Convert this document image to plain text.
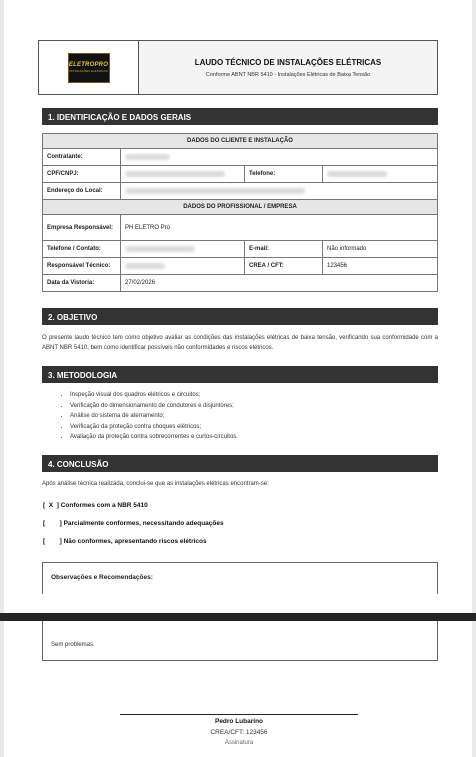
ELETROPRO
INSTALAÇÕES ELÉTRICAS
LAUDO TÉCNICO DE INSTALAÇÕES ELÉTRICAS
Conforme ABNT NBR 5410 - Instalações Elétricas de Baixa Tensão
1. IDENTIFICAÇÃO E DADOS GERAIS
DADOS DO CLIENTE E INSTALAÇÃO			
Contratante:			
CPF/CNPJ:		Telefone:	
Endereço do Local:			
DADOS DO PROFISSIONAL / EMPRESA			
Empresa Responsável:	PH ELETRO Pro		
Telefone / Contato:		E-mail:	Não informado
Responsável Técnico:		CREA / CFT:	123456
Data da Vistoria:	27/02/2026		
2. OBJETIVO
O presente laudo técnico tem como objetivo avaliar as condições das instalações elétricas de baixa tensão, verificando sua conformidade com a ABNT NBR 5410, bem como identificar possíveis não conformidades e riscos elétricos.
3. METODOLOGIA
• Inspeção visual dos quadros elétricos e circuitos;
• Verificação do dimensionamento de condutores e disjuntores;
• Análise do sistema de aterramento;
• Verificação da proteção contra choques elétricos;
• Avaliação da proteção contra sobrecorrentes e curtos-circuitos.
4. CONCLUSÃO
Após análise técnica realizada, conclui-se que as instalações elétricas encontram-se:
[  X  ] Conformes com a NBR 5410
[        ] Parcialmente conformes, necessitando adequações
[        ] Não conformes, apresentando riscos elétricos
Observações e Recomendações:
Sem problemas.
Pedro Lubarino
CREA/CFT: 123456
Assinatura
